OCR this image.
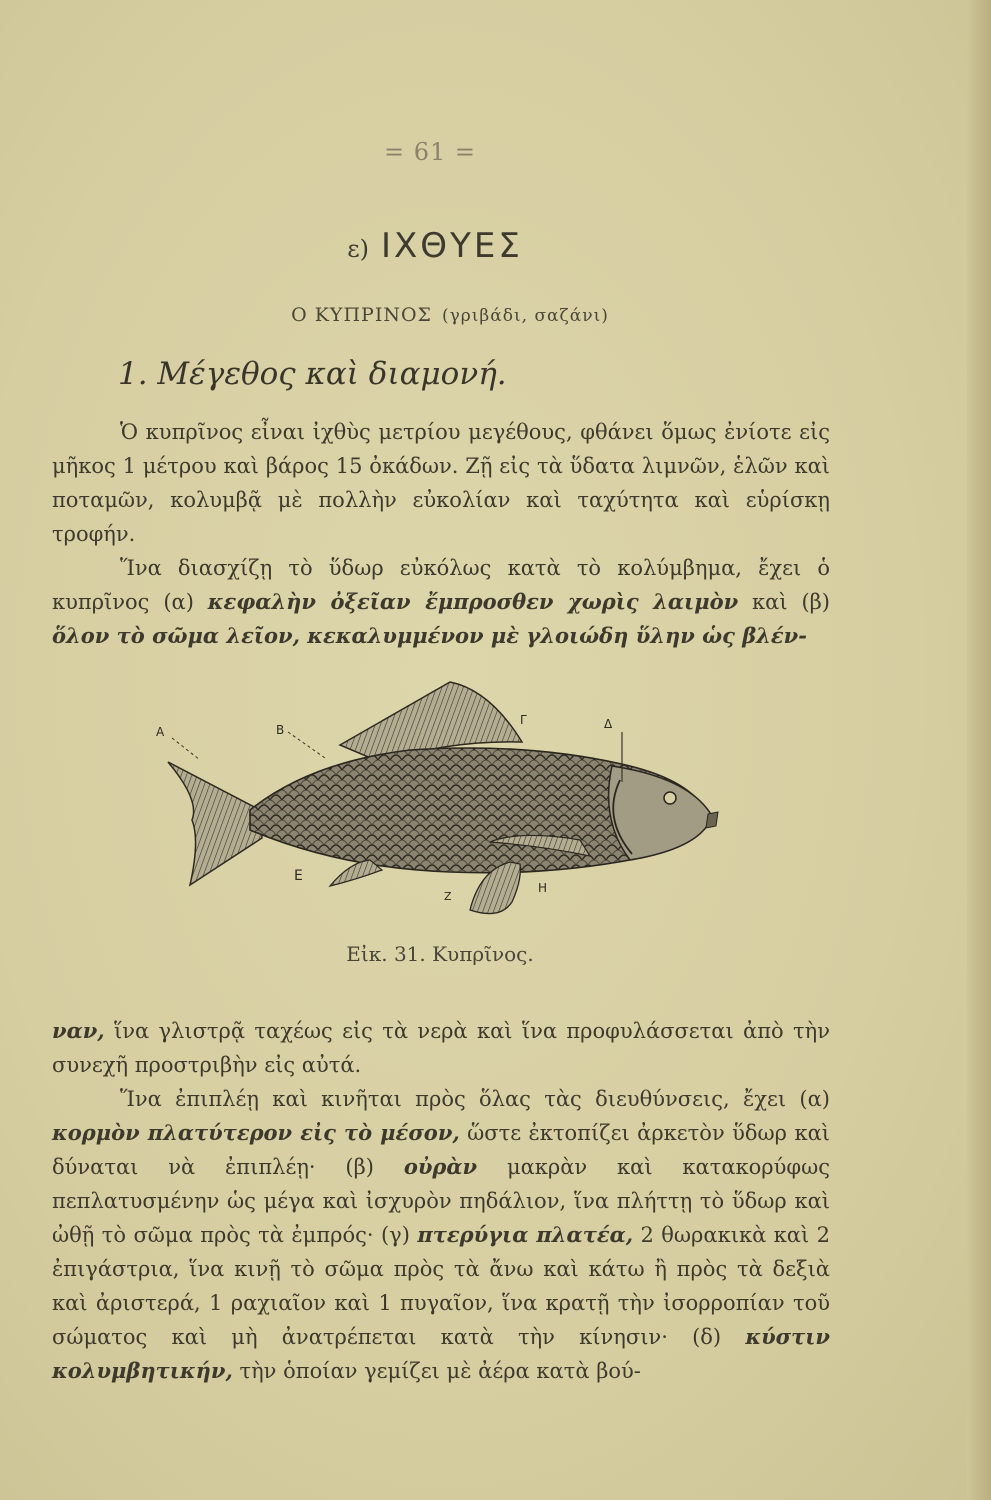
= 61 =
ε) ΙΧΘΥΕΣ
Ο ΚΥΠΡΙΝΟΣ (γριβάδι, σαζάνι)
1. Μέγεθος καὶ διαμονή.

Ὁ κυπρῖνος εἶναι ἰχθὺς μετρίου μεγέθους, φθάνει ὅμως ἐνίοτε εἰς μῆκος 1 μέτρου καὶ βάρος 15 ὀκάδων. Ζῇ εἰς τὰ ὕδατα λιμνῶν, ἑλῶν καὶ ποταμῶν, κολυμβᾷ μὲ πολλὴν εὐκολίαν καὶ ταχύτητα καὶ εὑρίσκῃ τροφήν.

Ἵνα διασχίζῃ τὸ ὕδωρ εὐκόλως κατὰ τὸ κολύμβημα, ἔχει ὁ κυπρῖνος (α) κεφαλὴν ὀξεῖαν ἔμπροσθεν χωρὶς λαιμὸν καὶ (β) ὅλον τὸ σῶμα λεῖον, κεκαλυμμένον μὲ γλοιώδη ὕλην ὡς βλέν-

Α	Β
Γ	Δ
Ε
Ζ
Η
Εἰκ. 31. Κυπρῖνος.

ναν, ἵνα γλιστρᾷ ταχέως εἰς τὰ νερὰ καὶ ἵνα προφυλάσσεται ἀπὸ τὴν συνεχῆ προστριβὴν εἰς αὐτά.

Ἵνα ἐπιπλέῃ καὶ κινῆται πρὸς ὅλας τὰς διευθύνσεις, ἔχει (α) κορμὸν πλατύτερον εἰς τὸ μέσον, ὥστε ἐκτοπίζει ἀρκετὸν ὕδωρ καὶ δύναται νὰ ἐπιπλέῃ· (β) οὐρὰν μακρὰν καὶ κατακορύφως πεπλατυσμένην ὡς μέγα καὶ ἰσχυρὸν πηδάλιον, ἵνα πλήττῃ τὸ ὕδωρ καὶ ὠθῇ τὸ σῶμα πρὸς τὰ ἐμπρός· (γ) πτερύγια πλατέα, 2 θωρακικὰ καὶ 2 ἐπιγάστρια, ἵνα κινῇ τὸ σῶμα πρὸς τὰ ἄνω καὶ κάτω ἢ πρὸς τὰ δεξιὰ καὶ ἀριστερά, 1 ραχιαῖον καὶ 1 πυγαῖον, ἵνα κρατῇ τὴν ἰσορροπίαν τοῦ σώματος καὶ μὴ ἀνατρέπεται κατὰ τὴν κίνησιν· (δ) κύστιν κολυμβητικήν, τὴν ὁποίαν γεμίζει μὲ ἀέρα κατὰ βού-
